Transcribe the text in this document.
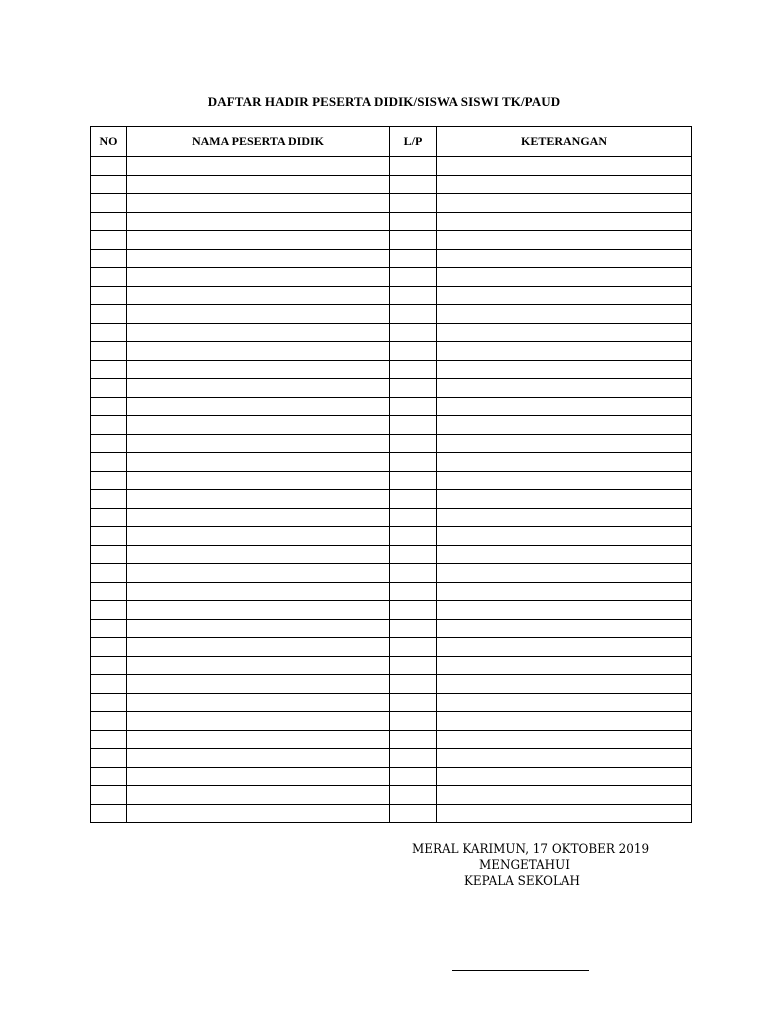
DAFTAR HADIR PESERTA DIDIK/SISWA SISWI TK/PAUD
NO	NAMA PESERTA DIDIK	L/P	KETERANGAN

MERAL KARIMUN, 17 OKTOBER 2019
MENGETAHUI
KEPALA SEKOLAH
